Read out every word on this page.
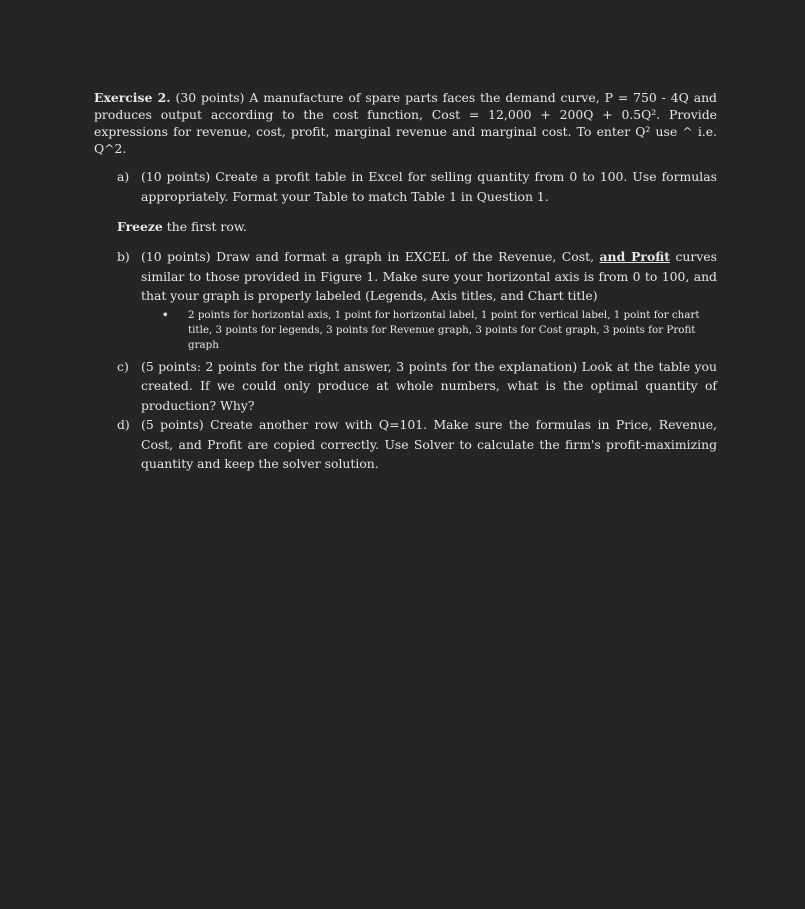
Exercise 2. (30 points) A manufacture of spare parts faces the demand curve, P = 750 - 4Q and produces output according to the cost function, Cost = 12,000 + 200Q + 0.5Q². Provide expressions for revenue, cost, profit, marginal revenue and marginal cost. To enter Q² use ^ i.e. Q^2.

a) (10 points) Create a profit table in Excel for selling quantity from 0 to 100. Use formulas appropriately. Format your Table to match Table 1 in Question 1.
Freeze the first row.
b) (10 points) Draw and format a graph in EXCEL of the Revenue, Cost, and Profit curves similar to those provided in Figure 1. Make sure your horizontal axis is from 0 to 100, and that your graph is properly labeled (Legends, Axis titles, and Chart title)
•	2 points for horizontal axis, 1 point for horizontal label, 1 point for vertical label, 1 point for chart title, 3 points for legends, 3 points for Revenue graph, 3 points for Cost graph, 3 points for Profit graph
c) (5 points: 2 points for the right answer, 3 points for the explanation) Look at the table you created. If we could only produce at whole numbers, what is the optimal quantity of production? Why?
d) (5 points) Create another row with Q=101. Make sure the formulas in Price, Revenue, Cost, and Profit are copied correctly. Use Solver to calculate the firm's profit-maximizing quantity and keep the solver solution.
